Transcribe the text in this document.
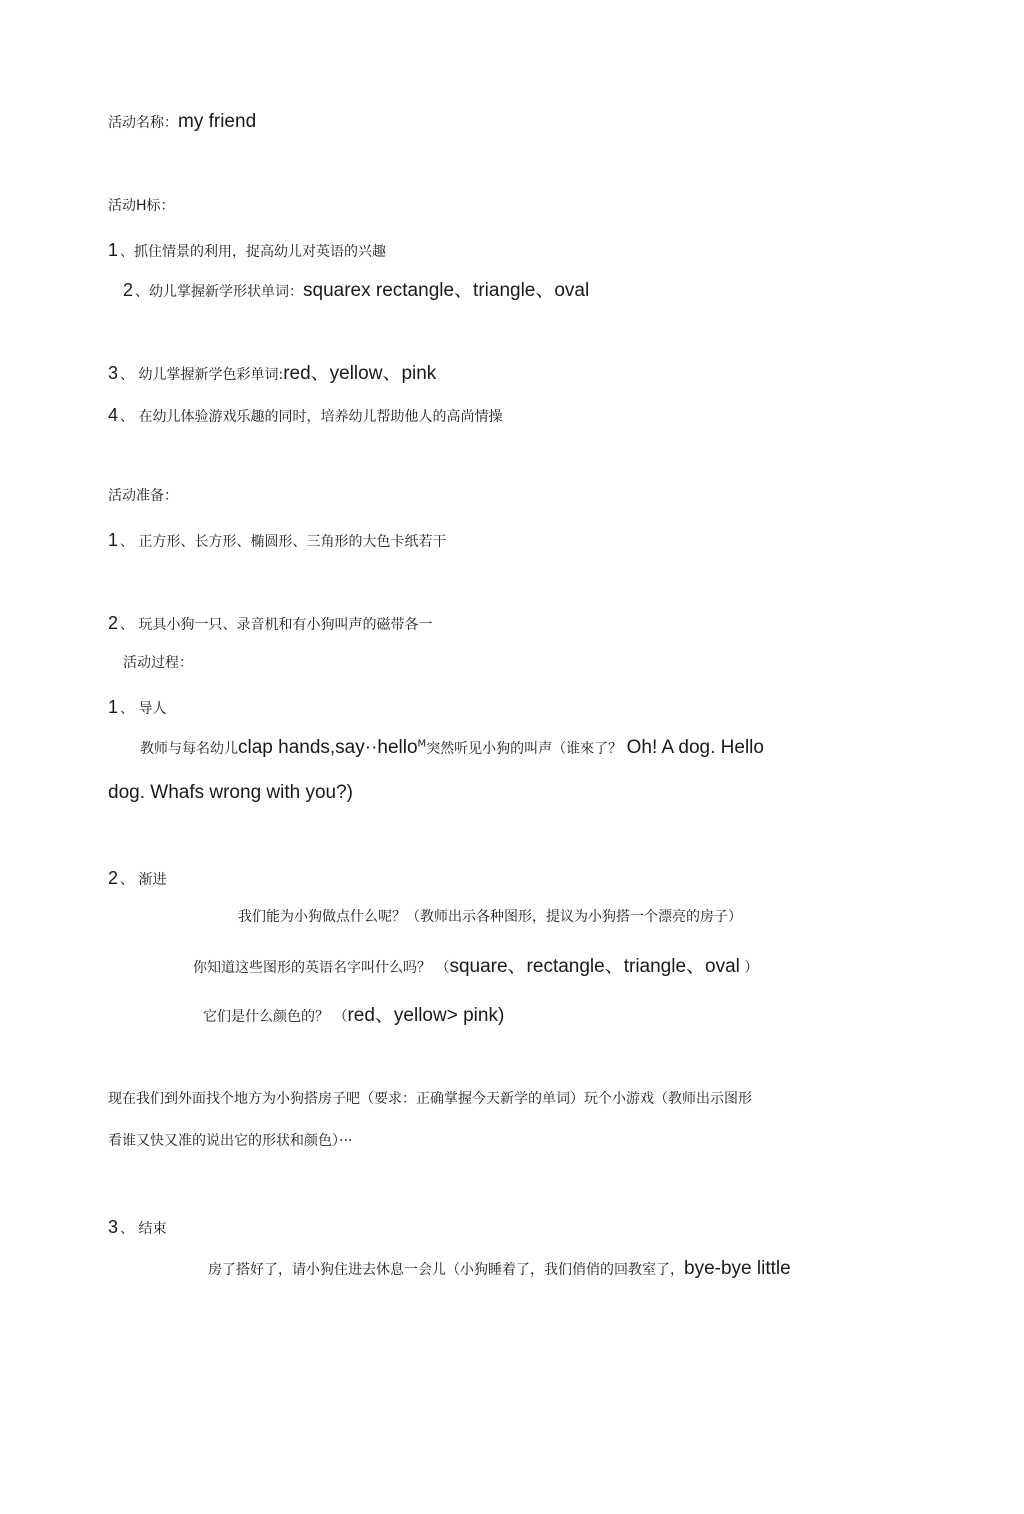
活动名称：my friend
活动H标：
1 、抓住情景的利用，捉高幼儿对英语的兴趣
2 、幼儿掌握新学形状单词：squarex rectangle、triangle、oval
3 、 幼儿掌握新学色彩单词:red、yellow、pink
4 、 在幼儿体验游戏乐趣的同时，培养幼儿帮助他人的高尚情操
活动准备：
1 、 正方形、长方形、椭圆形、三角形的大色卡纸若干
2 、 玩具小狗一只、录音机和有小狗叫声的磁带各一
活动过程：
1 、 导人
教师与每名幼儿clap hands,say··hello$^M$突然听见小狗的叫声（谁來了？ Oh! A dog. Hello
dog. Whafs wrong with you?)
2 、 渐进
我们能为小狗做点什么呢？（教师出示各种图形，提议为小狗搭一个漂亮的房子）
你知道这些图形的英语名字叫什么吗？ （square、rectangle、triangle、oval ）
它们是什么颜色的？ （red、yellow> pink)
现在我们到外面找个地方为小狗搭房子吧（要求：正确掌握今天新学的单词）玩个小游戏（教师出示图形
看谁又快又准的说出它的形状和颜色）···
3 、 结束
房了搭好了，请小狗住进去休息一会儿（小狗睡着了，我们俏俏的回教室了，bye-bye little
